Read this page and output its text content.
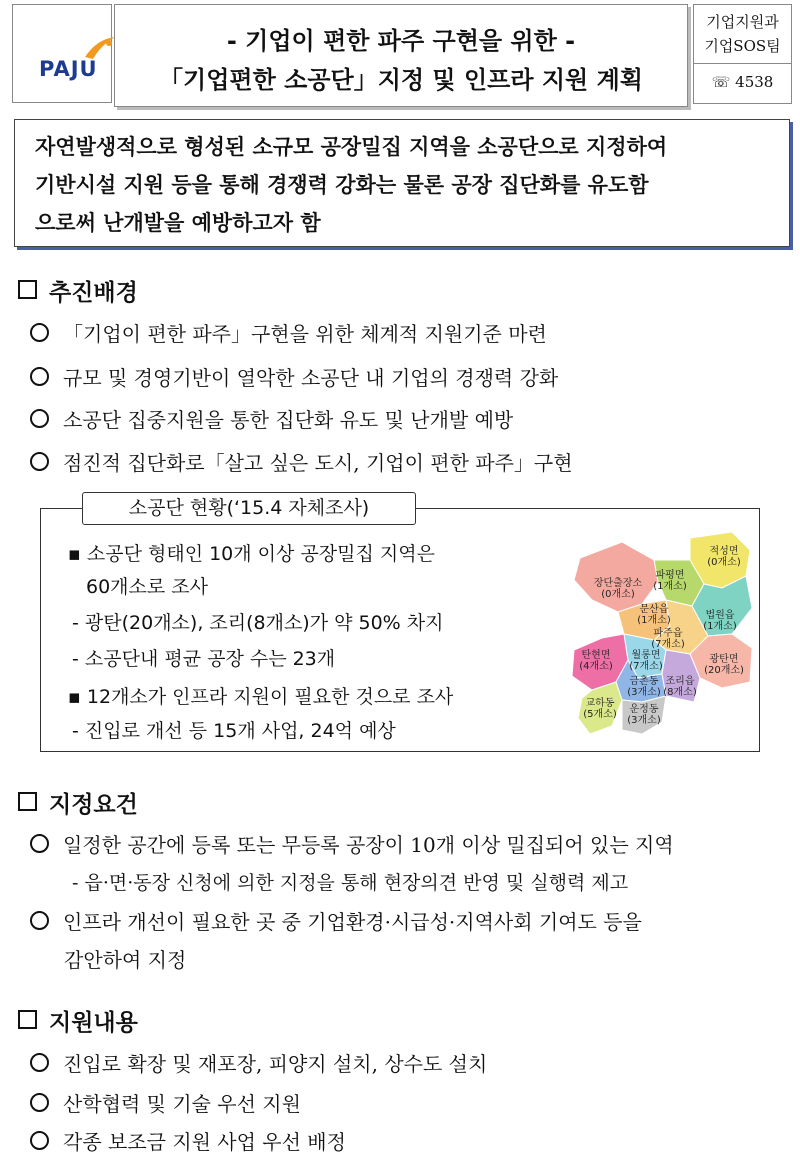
PAJU
- 기업이 편한 파주 구현을 위한 -
「기업편한 소공단」지정 및 인프라 지원 계획
기업지원과
기업SOS팀
☏ 4538
자연발생적으로 형성된 소규모 공장밀집 지역을 소공단으로 지정하여
기반시설 지원 등을 통해 경쟁력 강화는 물론 공장 집단화를 유도함
으로써 난개발을 예방하고자 함
추진배경
「기업이 편한 파주」구현을 위한 체계적 지원기준 마련
규모 및 경영기반이 열악한 소공단 내 기업의 경쟁력 강화
소공단 집중지원을 통한 집단화 유도 및 난개발 예방
점진적 집단화로「살고 싶은 도시, 기업이 편한 파주」구현
소공단 현황(‘15.4 자체조사)
▪ 소공단 형태인 10개 이상 공장밀집 지역은
60개소로 조사
- 광탄(20개소), 조리(8개소)가 약 50% 차지
- 소공단내 평균 공장 수는 23개
▪ 12개소가 인프라 지원이 필요한 것으로 조사
- 진입로 개선 등 15개 사업, 24억 예상
적성면
(0개소)
파평면
(1개소)
장단출장소
(0개소)
문산읍
(1개소)	법원읍
(1개소)
파주읍
(7개소)
탄현면
(4개소)
월롱면
(7개소)
광탄면
(20개소)
금촌동
(3개소)
조리읍
(8개소)
교하동
(5개소) 운정동
(3개소)
지정요건
일정한 공간에 등록 또는 무등록 공장이 10개 이상 밀집되어 있는 지역
- 읍·면·동장 신청에 의한 지정을 통해 현장의견 반영 및 실행력 제고
인프라 개선이 필요한 곳 중 기업환경·시급성·지역사회 기여도 등을
감안하여 지정
지원내용
진입로 확장 및 재포장, 피양지 설치, 상수도 설치
산학협력 및 기술 우선 지원
각종 보조금 지원 사업 우선 배정
